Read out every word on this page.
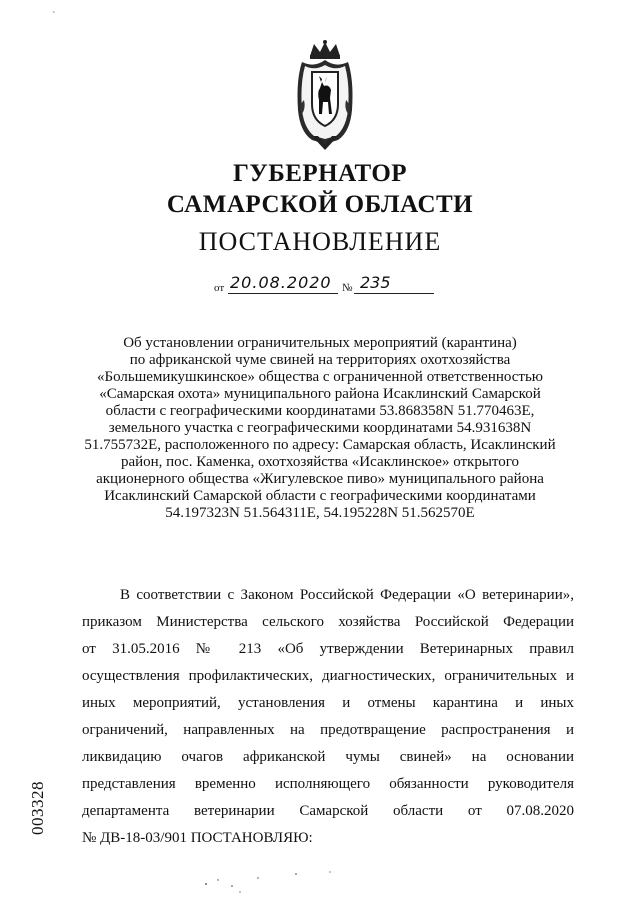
ˋ
ГУБЕРНАТОР
САМАРСКОЙ ОБЛАСТИ
ПОСТАНОВЛЕНИЕ
от 20.08.2020 № 235
Об установлении ограничительных мероприятий (карантина)
по африканской чуме свиней на территориях охотхозяйства
«Большемикушкинское» общества с ограниченной ответственностью
«Самарская охота» муниципального района Исаклинский Самарской
области с географическими координатами 53.868358N 51.770463E,
земельного участка с географическими координатами 54.931638N
51.755732E, расположенного по адресу: Самарская область, Исаклинский
район, пос. Каменка, охотхозяйства «Исаклинское» открытого
акционерного общества «Жигулевское пиво» муниципального района
Исаклинский Самарской области с географическими координатами
54.197323N 51.564311E, 54.195228N 51.562570E
В соответствии с Законом Российской Федерации «О ветеринарии»,
приказом Министерства сельского хозяйства Российской Федерации
от 31.05.2016 № 213 «Об утверждении Ветеринарных правил
осуществления профилактических, диагностических, ограничительных и
иных мероприятий, установления и отмены карантина и иных
ограничений, направленных на предотвращение распространения и
ликвидацию очагов африканской чумы свиней» на основании
представления временно исполняющего обязанности руководителя
департамента ветеринарии Самарской области от 07.08.2020
№ ДВ-18-03/901 ПОСТАНОВЛЯЮ:
003328
